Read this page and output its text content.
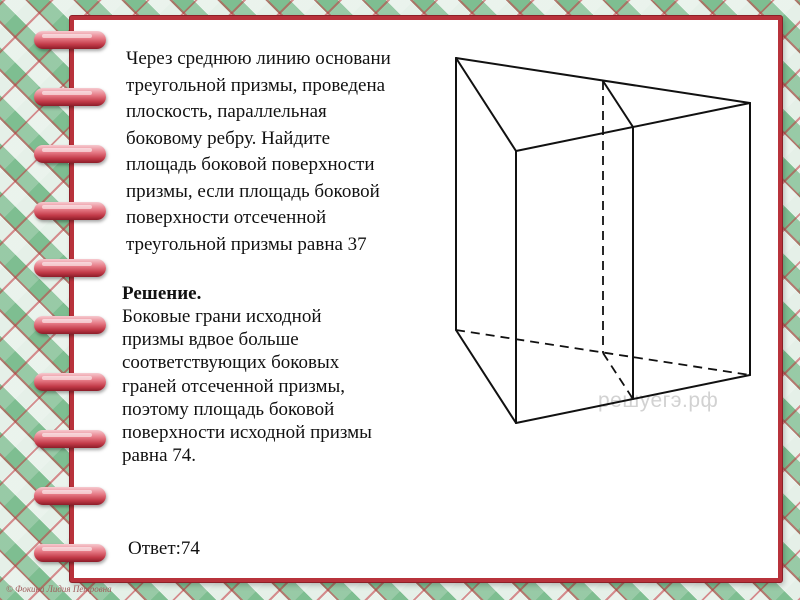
Через среднюю линию основани
треугольной призмы, проведена
плоскость, параллельная
боковому ребру. Найдите
площадь боковой поверхности
призмы, если площадь боковой
поверхности отсеченной
треугольной призмы равна 37

Решение.

Боковые грани исходной
призмы вдвое больше
соответствующих боковых
граней отсеченной призмы,
поэтому площадь боковой
поверхности исходной призмы
равна 74.

Ответ:74

решуегэ.рф

© Фокина Лидия Петровна
